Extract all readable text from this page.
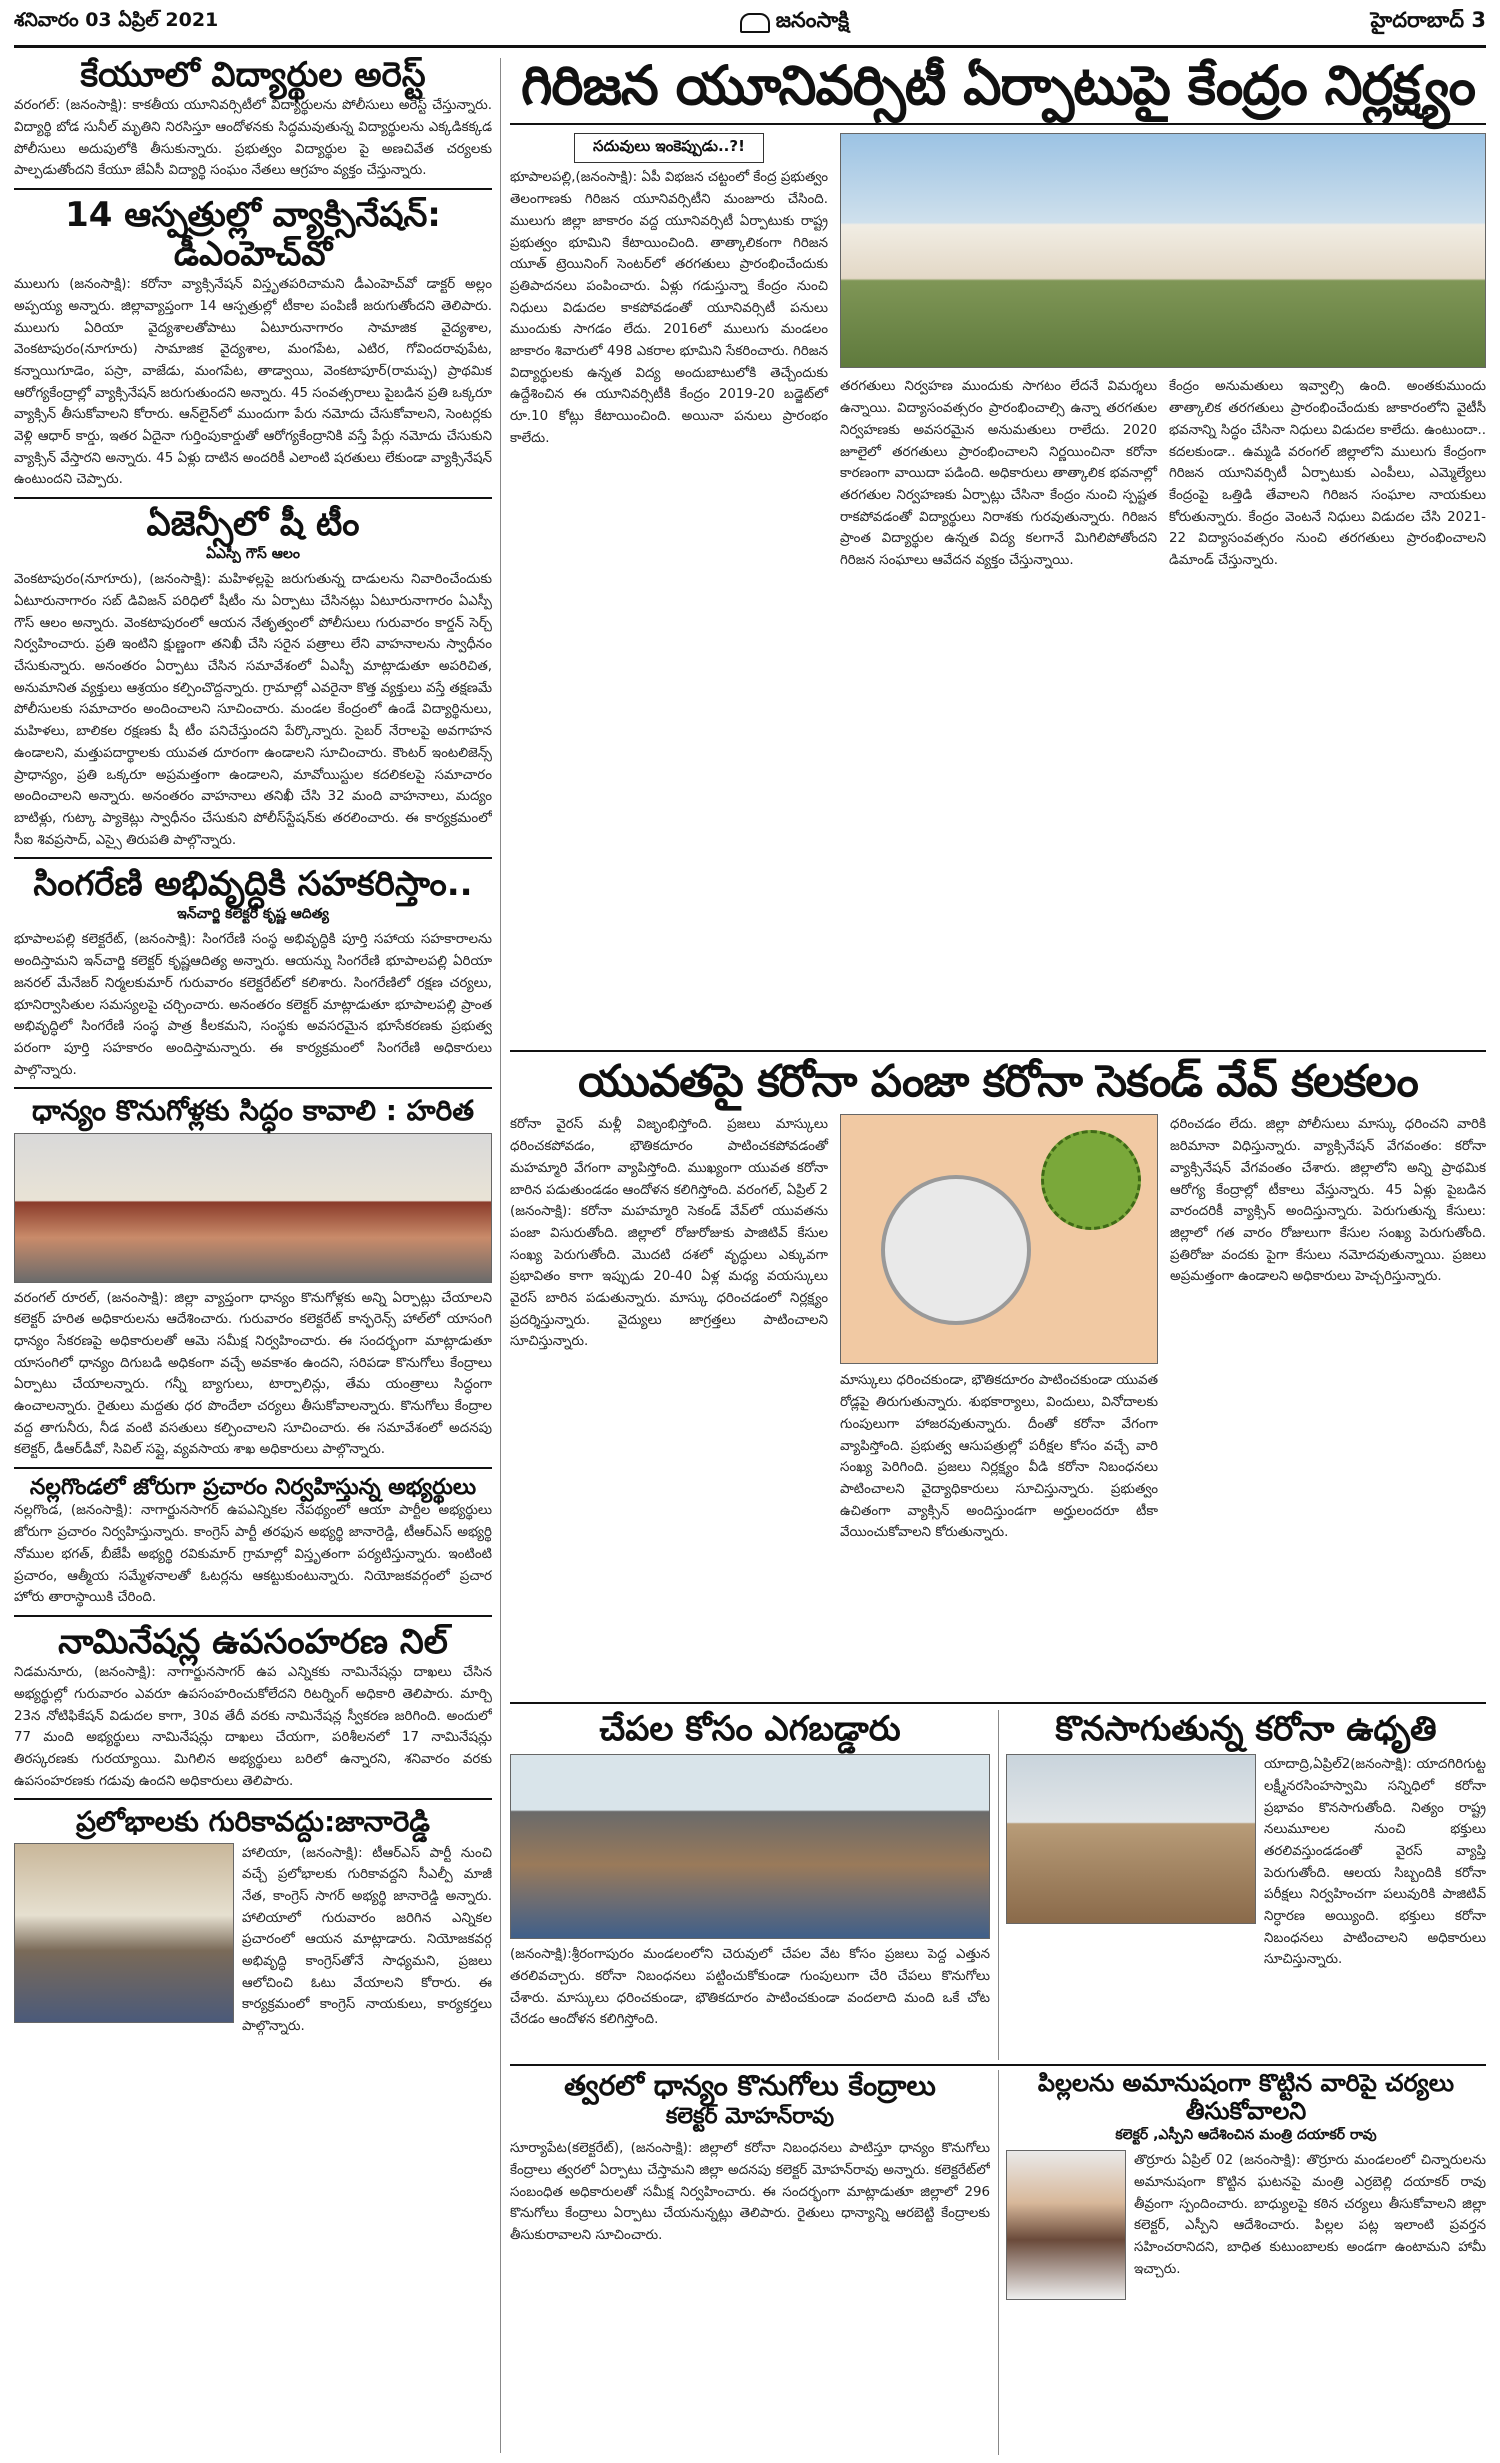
శనివారం 03 ఏప్రిల్ 2021	జనంసాక్షి	హైదరాబాద్ 3
కేయూలో విద్యార్థుల అరెస్ట్
వరంగల్: (జనంసాక్షి): కాకతీయ యూనివర్సిటీలో విద్యార్థులను పోలీసులు అరెస్ట్ చేస్తున్నారు. విద్యార్థి బోడ సునీల్ మృతిని నిరసిస్తూ ఆందోళనకు సిద్ధమవుతున్న విద్యార్థులను ఎక్కడికక్కడ పోలీసులు అదుపులోకి తీసుకున్నారు. ప్రభుత్వం విద్యార్థుల పై అణచివేత చర్యలకు పాల్పడుతోందని కేయూ జేఏసీ విద్యార్థి సంఘం నేతలు ఆగ్రహం వ్యక్తం చేస్తున్నారు.
14 ఆస్పత్రుల్లో వ్యాక్సినేషన్: డీఎంహెచ్‌వో
ములుగు (జనంసాక్షి): కరోనా వ్యాక్సినేషన్ విస్తృతపరిచామని డీఎంహెచ్‌వో డాక్టర్ అల్లం అప్పయ్య అన్నారు. జిల్లావ్యాప్తంగా 14 ఆస్పత్రుల్లో టీకాల పంపిణీ జరుగుతోందని తెలిపారు. ములుగు ఏరియా వైద్యశాలతోపాటు ఏటూరునాగారం సామాజిక వైద్యశాల, వెంకటాపురం(నూగూరు) సామాజిక వైద్యశాల, మంగపేట, ఎటిర, గోవిందరావుపేట, కన్నాయిగూడెం, పస్రా, వాజేడు, మంగపేట, తాడ్వాయి, వెంకటాపూర్(రామప్ప) ప్రాథమిక ఆరోగ్యకేంద్రాల్లో వ్యాక్సినేషన్ జరుగుతుందని అన్నారు. 45 సంవత్సరాలు పైబడిన ప్రతి ఒక్కరూ వ్యాక్సిన్ తీసుకోవాలని కోరారు. ఆన్‌లైన్‌లో ముందుగా పేరు నమోదు చేసుకోవాలని, సెంటర్లకు వెళ్లి ఆధార్ కార్డు, ఇతర ఏదైనా గుర్తింపుకార్డుతో ఆరోగ్యకేంద్రానికి వస్తే పేర్లు నమోదు చేసుకుని వ్యాక్సిన్ వేస్తారని అన్నారు. 45 ఏళ్లు దాటిన అందరికీ ఎలాంటి షరతులు లేకుండా వ్యాక్సినేషన్ ఉంటుందని చెప్పారు.
ఏజెన్సీలో షీ టీం
ఏఎస్పీ గౌస్ ఆలం
వెంకటాపురం(నూగూరు), (జనంసాక్షి): మహిళల్లపై జరుగుతున్న దాడులను నివారించేందుకు ఏటూరునాగారం సబ్ డివిజన్ పరిధిలో షీటీం ను ఏర్పాటు చేసినట్లు ఏటూరునాగారం ఏఎస్పీ గౌస్ ఆలం అన్నారు. వెంకటాపురంలో ఆయన నేతృత్వంలో పోలీసులు గురువారం కార్డన్ సెర్చ్ నిర్వహించారు. ప్రతి ఇంటిని క్షుణ్ణంగా తనిఖీ చేసి సరైన పత్రాలు లేని వాహనాలను స్వాధీనం చేసుకున్నారు. అనంతరం ఏర్పాటు చేసిన సమావేశంలో ఏఎస్పీ మాట్లాడుతూ అపరిచిత, అనుమానిత వ్యక్తులు ఆశ్రయం కల్పించొద్దన్నారు. గ్రామాల్లో ఎవరైనా కొత్త వ్యక్తులు వస్తే తక్షణమే పోలీసులకు సమాచారం అందించాలని సూచించారు. మండల కేంద్రంలో ఉండే విద్యార్థినులు, మహిళలు, బాలికల రక్షణకు షీ టీం పనిచేస్తుందని పేర్కొన్నారు. సైబర్ నేరాలపై అవగాహన ఉండాలని, మత్తుపదార్థాలకు యువత దూరంగా ఉండాలని సూచించారు. కౌంటర్ ఇంటలిజెన్స్ ప్రాధాన్యం, ప్రతి ఒక్కరూ అప్రమత్తంగా ఉండాలని, మావోయిస్టుల కదలికలపై సమాచారం అందించాలని అన్నారు. అనంతరం వాహనాలు తనిఖీ చేసి 32 మంది వాహనాలు, మద్యం బాటిళ్లు, గుట్కా ప్యాకెట్లు స్వాధీనం చేసుకుని పోలీస్‌స్టేషన్‌కు తరలించారు. ఈ కార్యక్రమంలో సీఐ శివప్రసాద్, ఎస్సై తిరుపతి పాల్గొన్నారు.
సింగరేణి అభివృద్ధికి సహకరిస్తాం..
ఇన్‌చార్జి కలెక్టర్ కృష్ణ ఆదిత్య
భూపాలపల్లి కలెక్టరేట్, (జనంసాక్షి): సింగరేణి సంస్థ అభివృద్ధికి పూర్తి సహాయ సహకారాలను అందిస్తామని ఇన్‌చార్జి కలెక్టర్ కృష్ణఆదిత్య అన్నారు. ఆయన్ను సింగరేణి భూపాలపల్లి ఏరియా జనరల్ మేనేజర్ నిర్మలకుమార్ గురువారం కలెక్టరేట్‌లో కలిశారు. సింగరేణిలో రక్షణ చర్యలు, భూనిర్వాసితుల సమస్యలపై చర్చించారు. అనంతరం కలెక్టర్ మాట్లాడుతూ భూపాలపల్లి ప్రాంత అభివృద్ధిలో సింగరేణి సంస్థ పాత్ర కీలకమని, సంస్థకు అవసరమైన భూసేకరణకు ప్రభుత్వ పరంగా పూర్తి సహకారం అందిస్తామన్నారు. ఈ కార్యక్రమంలో సింగరేణి అధికారులు పాల్గొన్నారు.
ధాన్యం కొనుగోళ్లకు సిద్ధం కావాలి : హరిత
వరంగల్ రూరల్, (జనంసాక్షి): జిల్లా వ్యాప్తంగా ధాన్యం కొనుగోళ్లకు అన్ని ఏర్పాట్లు చేయాలని కలెక్టర్ హరిత అధికారులను ఆదేశించారు. గురువారం కలెక్టరేట్ కాన్ఫరెన్స్ హాల్‌లో యాసంగి ధాన్యం సేకరణపై అధికారులతో ఆమె సమీక్ష నిర్వహించారు. ఈ సందర్భంగా మాట్లాడుతూ యాసంగిలో ధాన్యం దిగుబడి అధికంగా వచ్చే అవకాశం ఉందని, సరిపడా కొనుగోలు కేంద్రాలు ఏర్పాటు చేయాలన్నారు. గన్నీ బ్యాగులు, టార్పాలిన్లు, తేమ యంత్రాలు సిద్ధంగా ఉంచాలన్నారు. రైతులు మద్దతు ధర పొందేలా చర్యలు తీసుకోవాలన్నారు. కొనుగోలు కేంద్రాల వద్ద తాగునీరు, నీడ వంటి వసతులు కల్పించాలని సూచించారు. ఈ సమావేశంలో అదనపు కలెక్టర్, డీఆర్‌డీవో, సివిల్ సప్లై, వ్యవసాయ శాఖ అధికారులు పాల్గొన్నారు.
నల్లగొండలో జోరుగా ప్రచారం నిర్వహిస్తున్న అభ్యర్థులు
నల్లగొండ, (జనంసాక్షి): నాగార్జునసాగర్ ఉపఎన్నికల నేపథ్యంలో ఆయా పార్టీల అభ్యర్థులు జోరుగా ప్రచారం నిర్వహిస్తున్నారు. కాంగ్రెస్ పార్టీ తరఫున అభ్యర్థి జానారెడ్డి, టీఆర్‌ఎస్ అభ్యర్థి నోముల భగత్, బీజేపీ అభ్యర్థి రవికుమార్ గ్రామాల్లో విస్తృతంగా పర్యటిస్తున్నారు. ఇంటింటి ప్రచారం, ఆత్మీయ సమ్మేళనాలతో ఓటర్లను ఆకట్టుకుంటున్నారు. నియోజకవర్గంలో ప్రచార హోరు తారాస్థాయికి చేరింది.
నామినేషన్ల ఉపసంహరణ నిల్
నిడమనూరు, (జనంసాక్షి): నాగార్జునసాగర్ ఉప ఎన్నికకు నామినేషన్లు దాఖలు చేసిన అభ్యర్థుల్లో గురువారం ఎవరూ ఉపసంహరించుకోలేదని రిటర్నింగ్ అధికారి తెలిపారు. మార్చి 23న నోటిఫికేషన్ విడుదల కాగా, 30వ తేదీ వరకు నామినేషన్ల స్వీకరణ జరిగింది. అందులో 77 మంది అభ్యర్థులు నామినేషన్లు దాఖలు చేయగా, పరిశీలనలో 17 నామినేషన్లు తిరస్కరణకు గురయ్యాయి. మిగిలిన అభ్యర్థులు బరిలో ఉన్నారని, శనివారం వరకు ఉపసంహరణకు గడువు ఉందని అధికారులు తెలిపారు.
ప్రలోభాలకు గురికావద్దు:జానారెడ్డి
హాలియా, (జనంసాక్షి): టీఆర్‌ఎస్ పార్టీ నుంచి వచ్చే ప్రలోభాలకు గురికావద్దని సీఎల్పీ మాజీ నేత, కాంగ్రెస్ సాగర్ అభ్యర్థి జానారెడ్డి అన్నారు. హాలియాలో గురువారం జరిగిన ఎన్నికల ప్రచారంలో ఆయన మాట్లాడారు. నియోజకవర్గ అభివృద్ధి కాంగ్రెస్‌తోనే సాధ్యమని, ప్రజలు ఆలోచించి ఓటు వేయాలని కోరారు. ఈ కార్యక్రమంలో కాంగ్రెస్ నాయకులు, కార్యకర్తలు పాల్గొన్నారు.
గిరిజన యూనివర్సిటీ ఏర్పాటుపై కేంద్రం నిర్లక్ష్యం
సదువులు ఇంకెప్పుడు..?!
భూపాలపల్లి,(జనంసాక్షి): ఏపీ విభజన చట్టంలో కేంద్ర ప్రభుత్వం తెలంగాణకు గిరిజన యూనివర్సిటీని మంజూరు చేసింది. ములుగు జిల్లా జాకారం వద్ద యూనివర్సిటీ ఏర్పాటుకు రాష్ట్ర ప్రభుత్వం భూమిని కేటాయించింది. తాత్కాలికంగా గిరిజన యూత్ ట్రెయినింగ్ సెంటర్‌లో తరగతులు ప్రారంభించేందుకు ప్రతిపాదనలు పంపించారు. ఏళ్లు గడుస్తున్నా కేంద్రం నుంచి నిధులు విడుదల కాకపోవడంతో యూనివర్సిటీ పనులు ముందుకు సాగడం లేదు. 2016లో ములుగు మండలం జాకారం శివారులో 498 ఎకరాల భూమిని సేకరించారు. గిరిజన విద్యార్థులకు ఉన్నత విద్య అందుబాటులోకి తెచ్చేందుకు ఉద్దేశించిన ఈ యూనివర్సిటీకి కేంద్రం 2019-20 బడ్జెట్‌లో రూ.10 కోట్లు కేటాయించింది. అయినా పనులు ప్రారంభం కాలేదు.
తరగతులు నిర్వహణ ముందుకు సాగటం లేదనే విమర్శలు ఉన్నాయి. విద్యాసంవత్సరం ప్రారంభించాల్సి ఉన్నా తరగతుల నిర్వహణకు అవసరమైన అనుమతులు రాలేదు. 2020 జూలైలో తరగతులు ప్రారంభించాలని నిర్ణయించినా కరోనా కారణంగా వాయిదా పడింది. అధికారులు తాత్కాలిక భవనాల్లో తరగతుల నిర్వహణకు ఏర్పాట్లు చేసినా కేంద్రం నుంచి స్పష్టత రాకపోవడంతో విద్యార్థులు నిరాశకు గురవుతున్నారు. గిరిజన ప్రాంత విద్యార్థుల ఉన్నత విద్య కలగానే మిగిలిపోతోందని గిరిజన సంఘాలు ఆవేదన వ్యక్తం చేస్తున్నాయి.
కేంద్రం అనుమతులు ఇవ్వాల్సి ఉంది. అంతకుముందు తాత్కాలిక తరగతులు ప్రారంభించేందుకు జాకారంలోని వైటీసీ భవనాన్ని సిద్ధం చేసినా నిధులు విడుదల కాలేదు. ఉంటుందా.. కదలకుండా.. ఉమ్మడి వరంగల్ జిల్లాలోని ములుగు కేంద్రంగా గిరిజన యూనివర్సిటీ ఏర్పాటుకు ఎంపీలు, ఎమ్మెల్యేలు కేంద్రంపై ఒత్తిడి తేవాలని గిరిజన సంఘాల నాయకులు కోరుతున్నారు. కేంద్రం వెంటనే నిధులు విడుదల చేసి 2021-22 విద్యాసంవత్సరం నుంచి తరగతులు ప్రారంభించాలని డిమాండ్ చేస్తున్నారు.
యువతపై కరోనా పంజా కరోనా సెకండ్ వేవ్ కలకలం
కరోనా వైరస్ మళ్లీ విజృంభిస్తోంది. ప్రజలు మాస్కులు ధరించకపోవడం, భౌతికదూరం పాటించకపోవడంతో మహమ్మారి వేగంగా వ్యాపిస్తోంది. ముఖ్యంగా యువత కరోనా బారిన పడుతుండడం ఆందోళన కలిగిస్తోంది. వరంగల్, ఏప్రిల్ 2 (జనంసాక్షి): కరోనా మహమ్మారి సెకండ్ వేవ్‌లో యువతను పంజా విసురుతోంది. జిల్లాలో రోజురోజుకు పాజిటివ్ కేసుల సంఖ్య పెరుగుతోంది. మొదటి దశలో వృద్ధులు ఎక్కువగా ప్రభావితం కాగా ఇప్పుడు 20-40 ఏళ్ల మధ్య వయస్కులు వైరస్ బారిన పడుతున్నారు. మాస్కు ధరించడంలో నిర్లక్ష్యం ప్రదర్శిస్తున్నారు. వైద్యులు జాగ్రత్తలు పాటించాలని సూచిస్తున్నారు.
మాస్కులు ధరించకుండా, భౌతికదూరం పాటించకుండా యువత రోడ్లపై తిరుగుతున్నారు. శుభకార్యాలు, విందులు, వినోదాలకు గుంపులుగా హాజరవుతున్నారు. దీంతో కరోనా వేగంగా వ్యాపిస్తోంది. ప్రభుత్వ ఆసుపత్రుల్లో పరీక్షల కోసం వచ్చే వారి సంఖ్య పెరిగింది. ప్రజలు నిర్లక్ష్యం వీడి కరోనా నిబంధనలు పాటించాలని వైద్యాధికారులు సూచిస్తున్నారు. ప్రభుత్వం ఉచితంగా వ్యాక్సిన్ అందిస్తుండగా అర్హులందరూ టీకా వేయించుకోవాలని కోరుతున్నారు.
ధరించడం లేదు. జిల్లా పోలీసులు మాస్కు ధరించని వారికి జరిమానా విధిస్తున్నారు. వ్యాక్సినేషన్ వేగవంతం: కరోనా వ్యాక్సినేషన్ వేగవంతం చేశారు. జిల్లాలోని అన్ని ప్రాథమిక ఆరోగ్య కేంద్రాల్లో టీకాలు వేస్తున్నారు. 45 ఏళ్లు పైబడిన వారందరికీ వ్యాక్సిన్ అందిస్తున్నారు. పెరుగుతున్న కేసులు: జిల్లాలో గత వారం రోజులుగా కేసుల సంఖ్య పెరుగుతోంది. ప్రతిరోజు వందకు పైగా కేసులు నమోదవుతున్నాయి. ప్రజలు అప్రమత్తంగా ఉండాలని అధికారులు హెచ్చరిస్తున్నారు.
చేపల కోసం ఎగబడ్డారు
(జనంసాక్షి):శ్రీరంగాపురం మండలంలోని చెరువులో చేపల వేట కోసం ప్రజలు పెద్ద ఎత్తున తరలివచ్చారు. కరోనా నిబంధనలు పట్టించుకోకుండా గుంపులుగా చేరి చేపలు కొనుగోలు చేశారు. మాస్కులు ధరించకుండా, భౌతికదూరం పాటించకుండా వందలాది మంది ఒకే చోట చేరడం ఆందోళన కలిగిస్తోంది.
కొనసాగుతున్న కరోనా ఉధృతి
యాదాద్రి,ఏప్రిల్2(జనంసాక్షి): యాదగిరిగుట్ట లక్ష్మీనరసింహస్వామి సన్నిధిలో కరోనా ప్రభావం కొనసాగుతోంది. నిత్యం రాష్ట్ర నలుమూలల నుంచి భక్తులు తరలివస్తుండడంతో వైరస్ వ్యాప్తి పెరుగుతోంది. ఆలయ సిబ్బందికి కరోనా పరీక్షలు నిర్వహించగా పలువురికి పాజిటివ్ నిర్ధారణ అయ్యింది. భక్తులు కరోనా నిబంధనలు పాటించాలని అధికారులు సూచిస్తున్నారు.
త్వరలో ధాన్యం కొనుగోలు కేంద్రాలు
కలెక్టర్ మోహన్‌రావు
సూర్యాపేట(కలెక్టరేట్), (జనంసాక్షి): జిల్లాలో కరోనా నిబంధనలు పాటిస్తూ ధాన్యం కొనుగోలు కేంద్రాలు త్వరలో ఏర్పాటు చేస్తామని జిల్లా అదనపు కలెక్టర్ మోహన్‌రావు అన్నారు. కలెక్టరేట్‌లో సంబంధిత అధికారులతో సమీక్ష నిర్వహించారు. ఈ సందర్భంగా మాట్లాడుతూ జిల్లాలో 296 కొనుగోలు కేంద్రాలు ఏర్పాటు చేయనున్నట్లు తెలిపారు. రైతులు ధాన్యాన్ని ఆరబెట్టి కేంద్రాలకు తీసుకురావాలని సూచించారు.
పిల్లలను అమానుషంగా కొట్టిన వారిపై చర్యలు తీసుకోవాలని
కలెక్టర్ ,ఎస్పీని ఆదేశించిన మంత్రి దయాకర్ రావు
తొర్రూరు ఏప్రిల్ 02 (జనంసాక్షి): తొర్రూరు మండలంలో చిన్నారులను అమానుషంగా కొట్టిన ఘటనపై మంత్రి ఎర్రబెల్లి దయాకర్ రావు తీవ్రంగా స్పందించారు. బాధ్యులపై కఠిన చర్యలు తీసుకోవాలని జిల్లా కలెక్టర్, ఎస్పీని ఆదేశించారు. పిల్లల పట్ల ఇలాంటి ప్రవర్తన సహించరానిదని, బాధిత కుటుంబాలకు అండగా ఉంటామని హామీ ఇచ్చారు.
